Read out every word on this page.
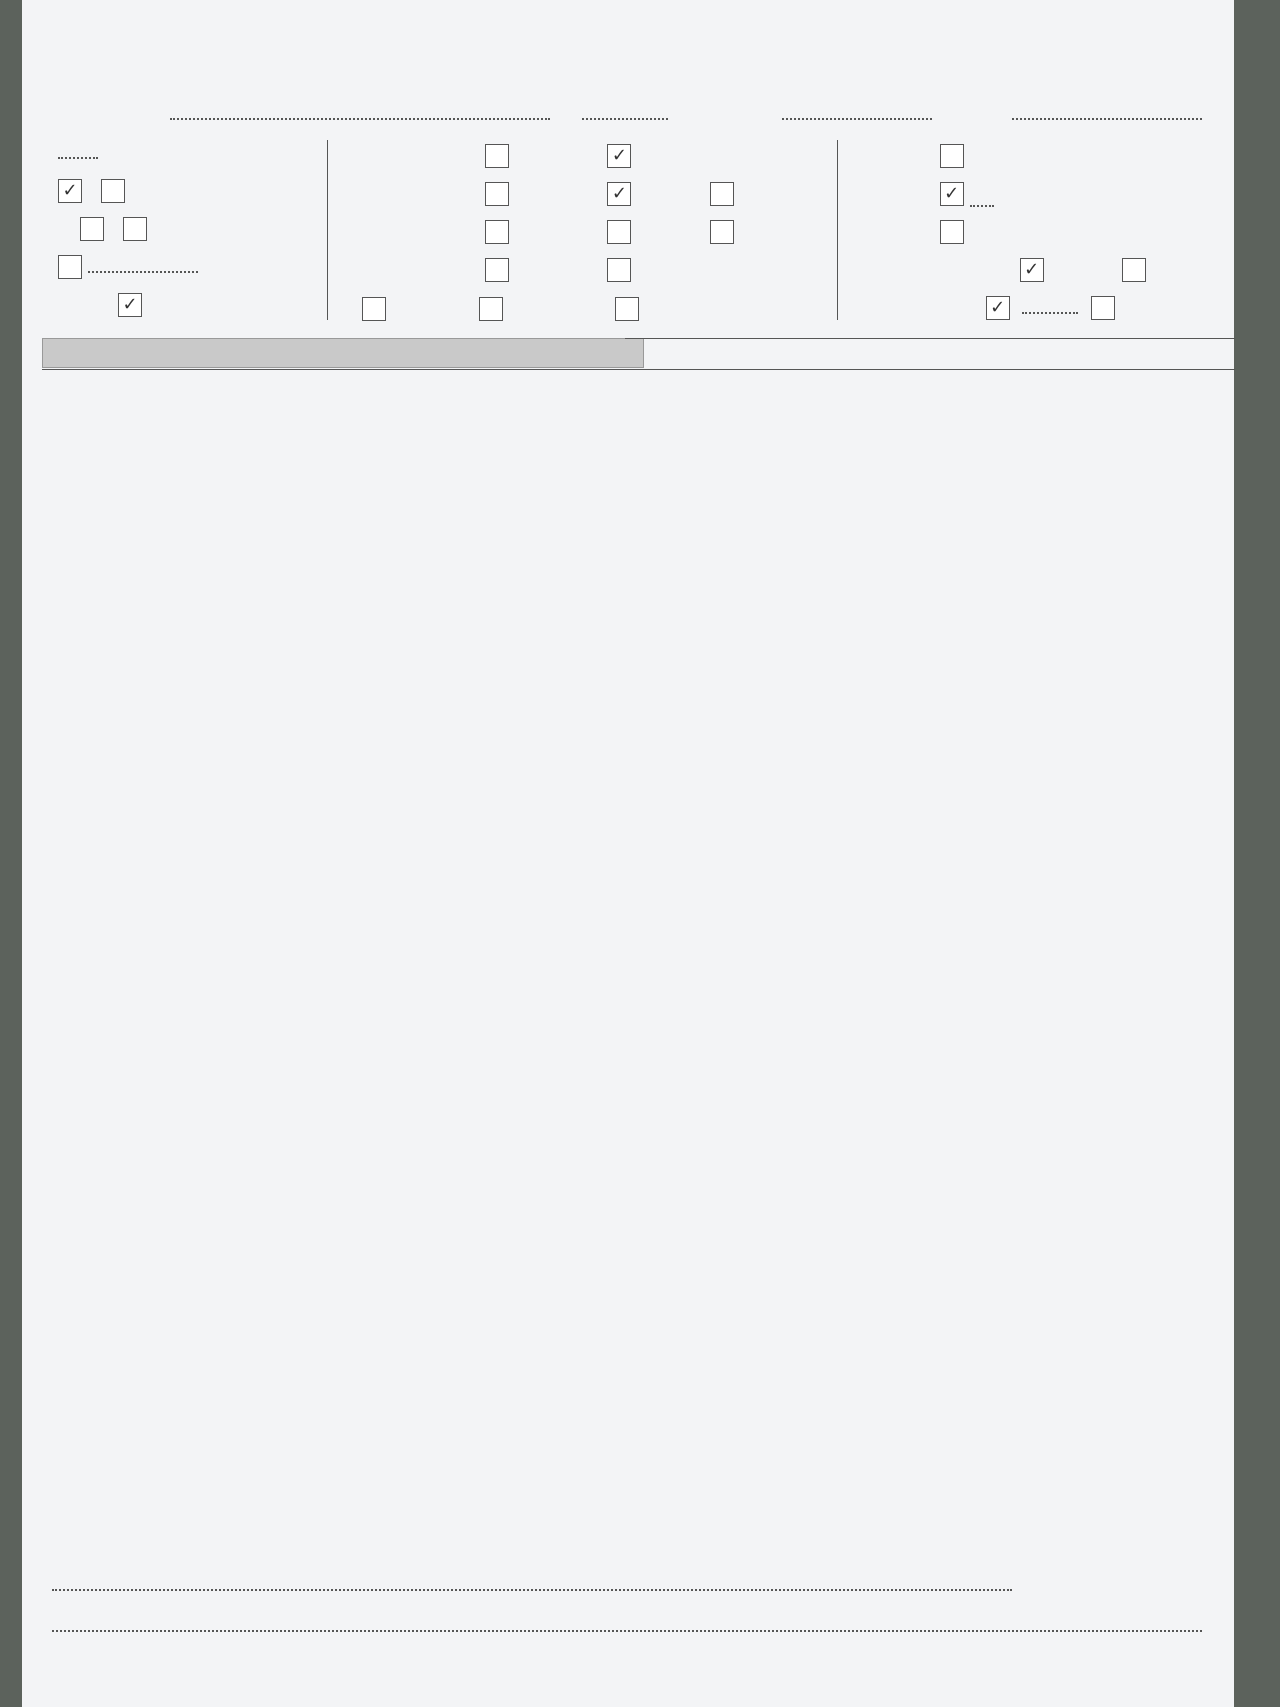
✓

✓
✓
✓

	✓

✓
✓
